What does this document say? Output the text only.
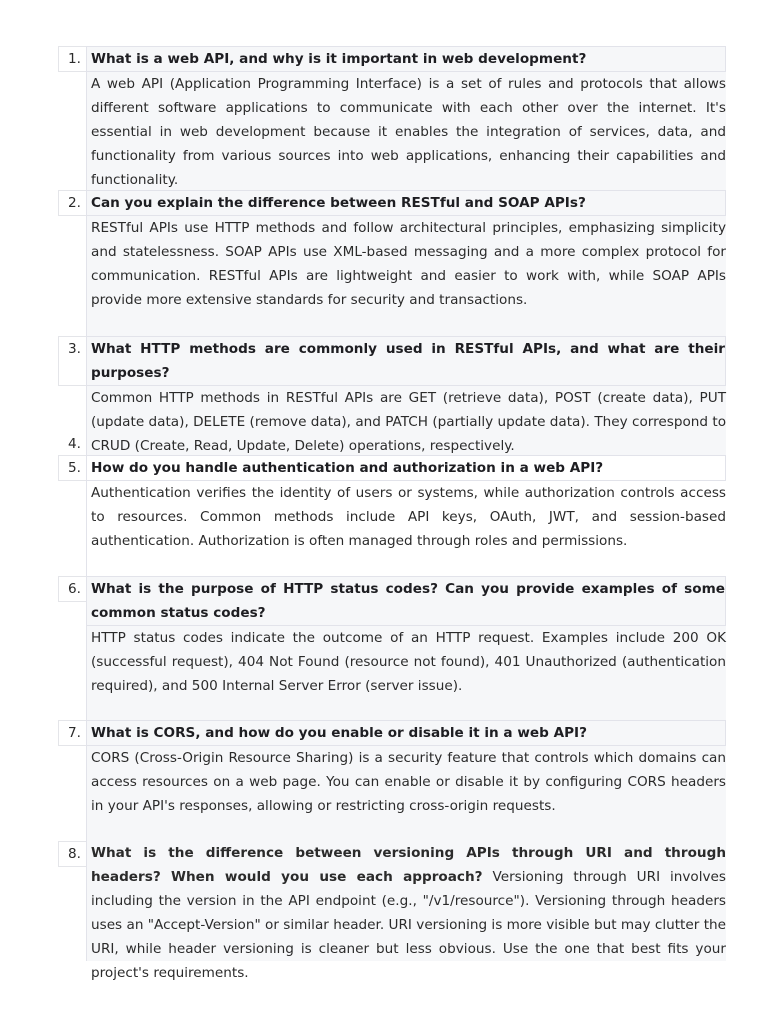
1. What is a web API, and why is it important in web development?
A web API (Application Programming Interface) is a set of rules and protocols that allows different software applications to communicate with each other over the internet. It's essential in web development because it enables the integration of services, data, and functionality from various sources into web applications, enhancing their capabilities and functionality.
2. Can you explain the difference between RESTful and SOAP APIs?
RESTful APIs use HTTP methods and follow architectural principles, emphasizing simplicity and statelessness. SOAP APIs use XML-based messaging and a more complex protocol for communication. RESTful APIs are lightweight and easier to work with, while SOAP APIs provide more extensive standards for security and transactions.
3. What HTTP methods are commonly used in RESTful APIs, and what are their purposes?
Common HTTP methods in RESTful APIs are GET (retrieve data), POST (create data), PUT (update data), DELETE (remove data), and PATCH (partially update data). They correspond to CRUD (Create, Read, Update, Delete) operations, respectively.
4.
5. How do you handle authentication and authorization in a web API?
Authentication verifies the identity of users or systems, while authorization controls access to resources. Common methods include API keys, OAuth, JWT, and session-based authentication. Authorization is often managed through roles and permissions.
6. What is the purpose of HTTP status codes? Can you provide examples of some common status codes?
HTTP status codes indicate the outcome of an HTTP request. Examples include 200 OK (successful request), 404 Not Found (resource not found), 401 Unauthorized (authentication required), and 500 Internal Server Error (server issue).
7. What is CORS, and how do you enable or disable it in a web API?
CORS (Cross-Origin Resource Sharing) is a security feature that controls which domains can access resources on a web page. You can enable or disable it by configuring CORS headers in your API's responses, allowing or restricting cross-origin requests.
8. What is the difference between versioning APIs through URI and through headers? When would you use each approach? Versioning through URI involves including the version in the API endpoint (e.g., "/v1/resource"). Versioning through headers uses an "Accept-Version" or similar header. URI versioning is more visible but may clutter the URI, while header versioning is cleaner but less obvious. Use the one that best fits your project's requirements.
